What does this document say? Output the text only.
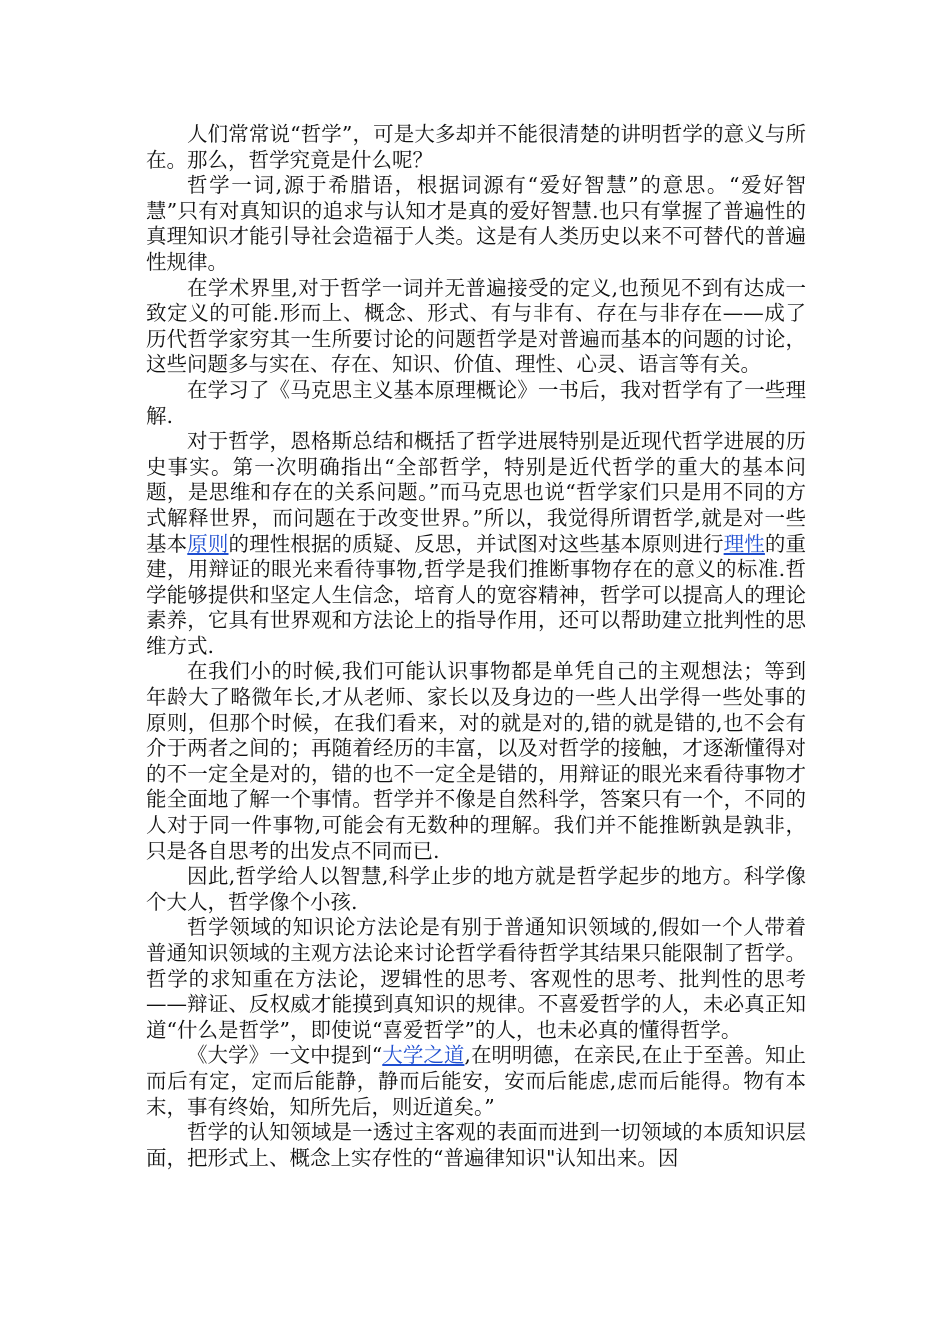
人们常常说“哲学”，可是大多却并不能很清楚的讲明哲学的意义与所在。那么，哲学究竟是什么呢？

哲学一词,源于希腊语，根据词源有“爱好智慧”的意思。“爱好智慧”只有对真知识的追求与认知才是真的爱好智慧.也只有掌握了普遍性的真理知识才能引导社会造福于人类。这是有人类历史以来不可替代的普遍性规律。

在学术界里,对于哲学一词并无普遍接受的定义,也预见不到有达成一致定义的可能.形而上、概念、形式、有与非有、存在与非存在——成了历代哲学家穷其一生所要讨论的问题哲学是对普遍而基本的问题的讨论，这些问题多与实在、存在、知识、价值、理性、心灵、语言等有关。

在学习了《马克思主义基本原理概论》一书后，我对哲学有了一些理解.

对于哲学，恩格斯总结和概括了哲学进展特别是近现代哲学进展的历史事实。第一次明确指出“全部哲学，特别是近代哲学的重大的基本问题，是思维和存在的关系问题。”而马克思也说“哲学家们只是用不同的方式解释世界，而问题在于改变世界。”所以，我觉得所谓哲学,就是对一些基本原则的理性根据的质疑、反思，并试图对这些基本原则进行理性的重建，用辩证的眼光来看待事物,哲学是我们推断事物存在的意义的标准.哲学能够提供和坚定人生信念，培育人的宽容精神，哲学可以提高人的理论素养，它具有世界观和方法论上的指导作用，还可以帮助建立批判性的思维方式.

在我们小的时候,我们可能认识事物都是单凭自己的主观想法；等到年龄大了略微年长,才从老师、家长以及身边的一些人出学得一些处事的原则，但那个时候，在我们看来，对的就是对的,错的就是错的,也不会有介于两者之间的；再随着经历的丰富，以及对哲学的接触，才逐渐懂得对的不一定全是对的，错的也不一定全是错的，用辩证的眼光来看待事物才能全面地了解一个事情。哲学并不像是自然科学，答案只有一个，不同的人对于同一件事物,可能会有无数种的理解。我们并不能推断孰是孰非，只是各自思考的出发点不同而已.

因此,哲学给人以智慧,科学止步的地方就是哲学起步的地方。科学像个大人，哲学像个小孩.

哲学领域的知识论方法论是有别于普通知识领域的,假如一个人带着普通知识领域的主观方法论来讨论哲学看待哲学其结果只能限制了哲学。哲学的求知重在方法论，逻辑性的思考、客观性的思考、批判性的思考——辩证、反权威才能摸到真知识的规律。不喜爱哲学的人，未必真正知道“什么是哲学”，即使说“喜爱哲学”的人，也未必真的懂得哲学。

《大学》一文中提到“大学之道,在明明德，在亲民,在止于至善。知止而后有定，定而后能静，静而后能安，安而后能虑,虑而后能得。物有本末，事有终始，知所先后，则近道矣。”

哲学的认知领域是一透过主客观的表面而进到一切领域的本质知识层面，把形式上、概念上实存性的“普遍律知识"认知出来。因
